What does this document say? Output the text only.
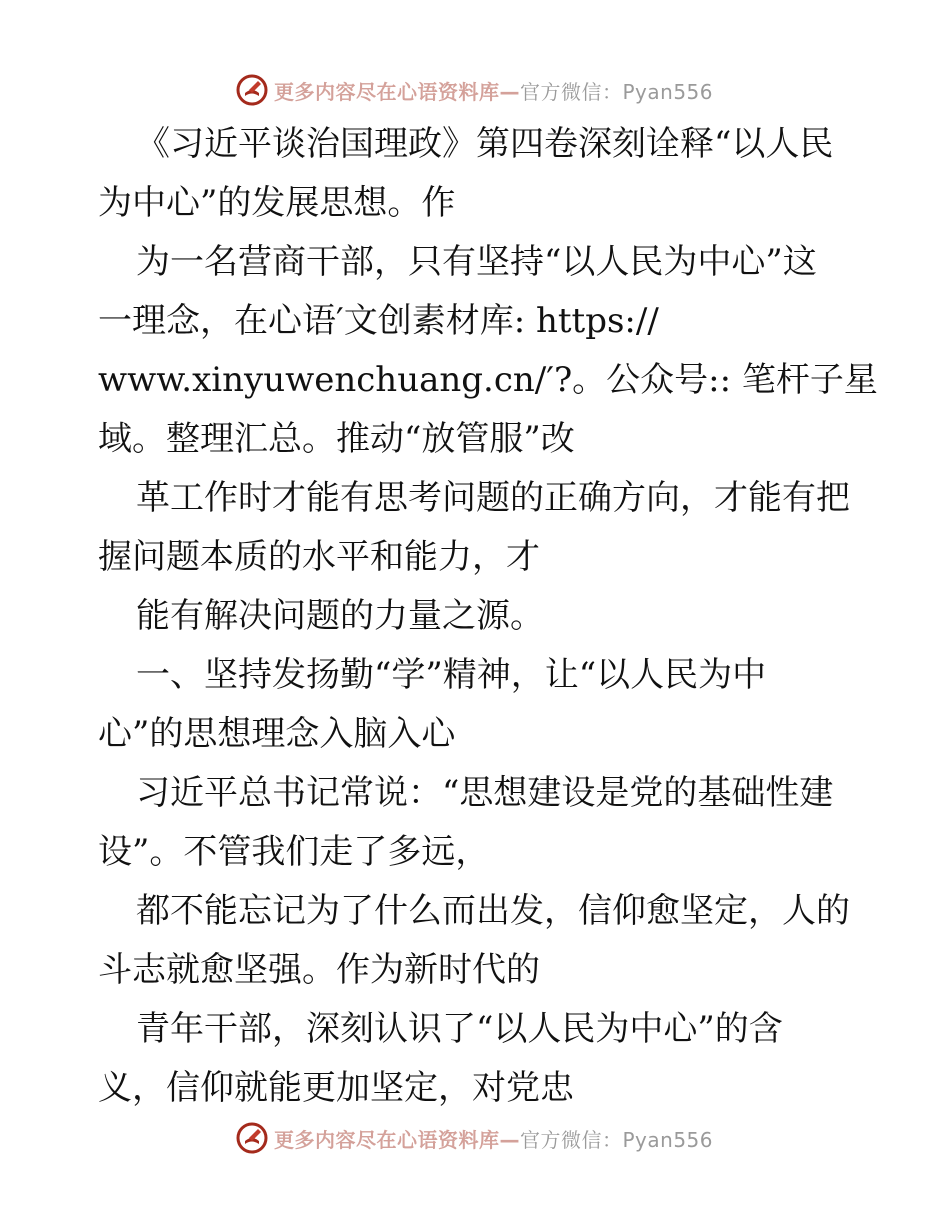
更多内容尽在心语资料库—官方微信：Pyan556
《习近平谈治国理政》第四卷深刻诠释“以人民
为中心”的发展思想。作
为一名营商干部，只有坚持“以人民为中心”这
一理念，在心语′文创素材库: https://
www.xinyuwenchuang.cn/′?。公众号:: 笔杆子星
域。整理汇总。推动“放管服”改
革工作时才能有思考问题的正确方向，才能有把
握问题本质的水平和能力，才
能有解决问题的力量之源。
一、坚持发扬勤“学”精神，让“以人民为中
心”的思想理念入脑入心
习近平总书记常说：“思想建设是党的基础性建
设”。不管我们走了多远，
都不能忘记为了什么而出发，信仰愈坚定，人的
斗志就愈坚强。作为新时代的
青年干部，深刻认识了“以人民为中心”的含
义，信仰就能更加坚定，对党忠
更多内容尽在心语资料库—官方微信：Pyan556
